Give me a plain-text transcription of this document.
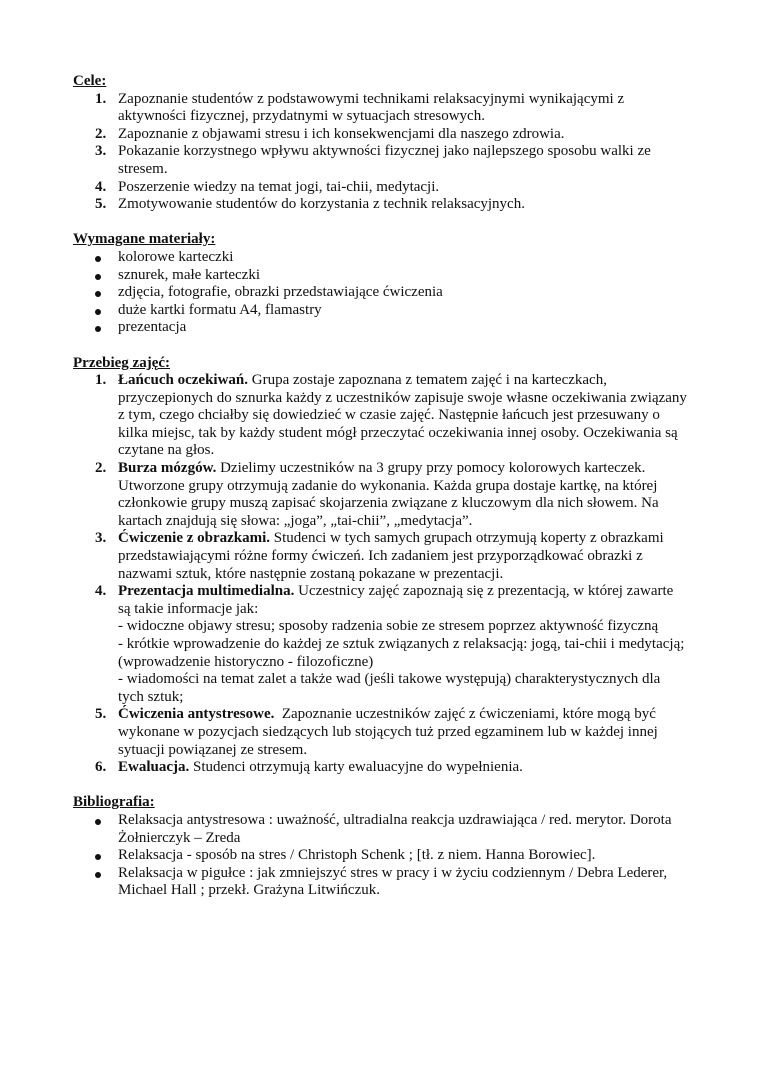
Cele:
1. Zapoznanie studentów z podstawowymi technikami relaksacyjnymi wynikającymi z aktywności fizycznej, przydatnymi w sytuacjach stresowych.
2. Zapoznanie z objawami stresu i ich konsekwencjami dla naszego zdrowia.
3. Pokazanie korzystnego wpływu aktywności fizycznej jako najlepszego sposobu walki ze stresem.
4. Poszerzenie wiedzy na temat jogi, tai-chii, medytacji.
5. Zmotywowanie studentów do korzystania z technik relaksacyjnych.
Wymagane materiały:
kolorowe karteczki
sznurek, małe karteczki
zdjęcia, fotografie, obrazki przedstawiające ćwiczenia
duże kartki formatu A4, flamastry
prezentacja
Przebieg zajęć:
1. Łańcuch oczekiwań. Grupa zostaje zapoznana z tematem zajęć i na karteczkach, przyczepionych do sznurka każdy z uczestników zapisuje swoje własne oczekiwania związany z tym, czego chciałby się dowiedzieć w czasie zajęć. Następnie łańcuch jest przesuwany o kilka miejsc, tak by każdy student mógł przeczytać oczekiwania innej osoby. Oczekiwania są czytane na głos.
2. Burza mózgów. Dzielimy uczestników na 3 grupy przy pomocy kolorowych karteczek. Utworzone grupy otrzymują zadanie do wykonania. Każda grupa dostaje kartkę, na której członkowie grupy muszą zapisać skojarzenia związane z kluczowym dla nich słowem. Na kartach znajdują się słowa: „joga”, „tai-chii”, „medytacja”.
3. Ćwiczenie z obrazkami. Studenci w tych samych grupach otrzymują koperty z obrazkami przedstawiającymi różne formy ćwiczeń. Ich zadaniem jest przyporządkować obrazki z nazwami sztuk, które następnie zostaną pokazane w prezentacji.
4. Prezentacja multimedialna. Uczestnicy zajęć zapoznają się z prezentacją, w której zawarte są takie informacje jak:
- widoczne objawy stresu; sposoby radzenia sobie ze stresem poprzez aktywność fizyczną
- krótkie wprowadzenie do każdej ze sztuk związanych z relaksacją: jogą, tai-chii i medytacją; (wprowadzenie historyczno - filozoficzne)
- wiadomości na temat zalet a także wad (jeśli takowe występują) charakterystycznych dla tych sztuk;
5. Ćwiczenia antystresowe.  Zapoznanie uczestników zajęć z ćwiczeniami, które mogą być wykonane w pozycjach siedzących lub stojących tuż przed egzaminem lub w każdej innej sytuacji powiązanej ze stresem.
6. Ewaluacja. Studenci otrzymują karty ewaluacyjne do wypełnienia.
Bibliografia:
Relaksacja antystresowa : uważność, ultradialna reakcja uzdrawiająca / red. merytor. Dorota Żołnierczyk – Zreda
Relaksacja - sposób na stres / Christoph Schenk ; [tł. z niem. Hanna Borowiec].
Relaksacja w pigułce : jak zmniejszyć stres w pracy i w życiu codziennym / Debra Lederer, Michael Hall ; przekł. Grażyna Litwińczuk.
